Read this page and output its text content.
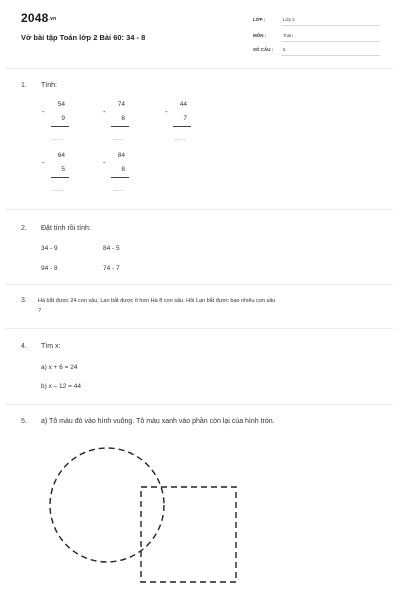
2048.vn
Vở bài tập Toán lớp 2 Bài 60: 34 - 8
LỚP :	Lớp 2
MÔN :	Toán
SỐ CÂU : 5
1. Tính:
54
-
9
......
74
-
6
......
44
-
7
......
64
-
5
......
84
-
8
......
2. Đặt tính rồi tính:
34 - 9	84 - 5
94 - 8	74 - 7
3. Hà bắt được 24 con sâu, Lan bắt được ít hơn Hà 8 con sâu. Hỏi Lan bắt được bao nhiêu con sâu
?
4. Tìm x:
a) x + 6 = 24
b) x – 12 = 44
5. a) Tô màu đỏ vào hình vuông. Tô màu xanh vào phần còn lại của hình tròn.
